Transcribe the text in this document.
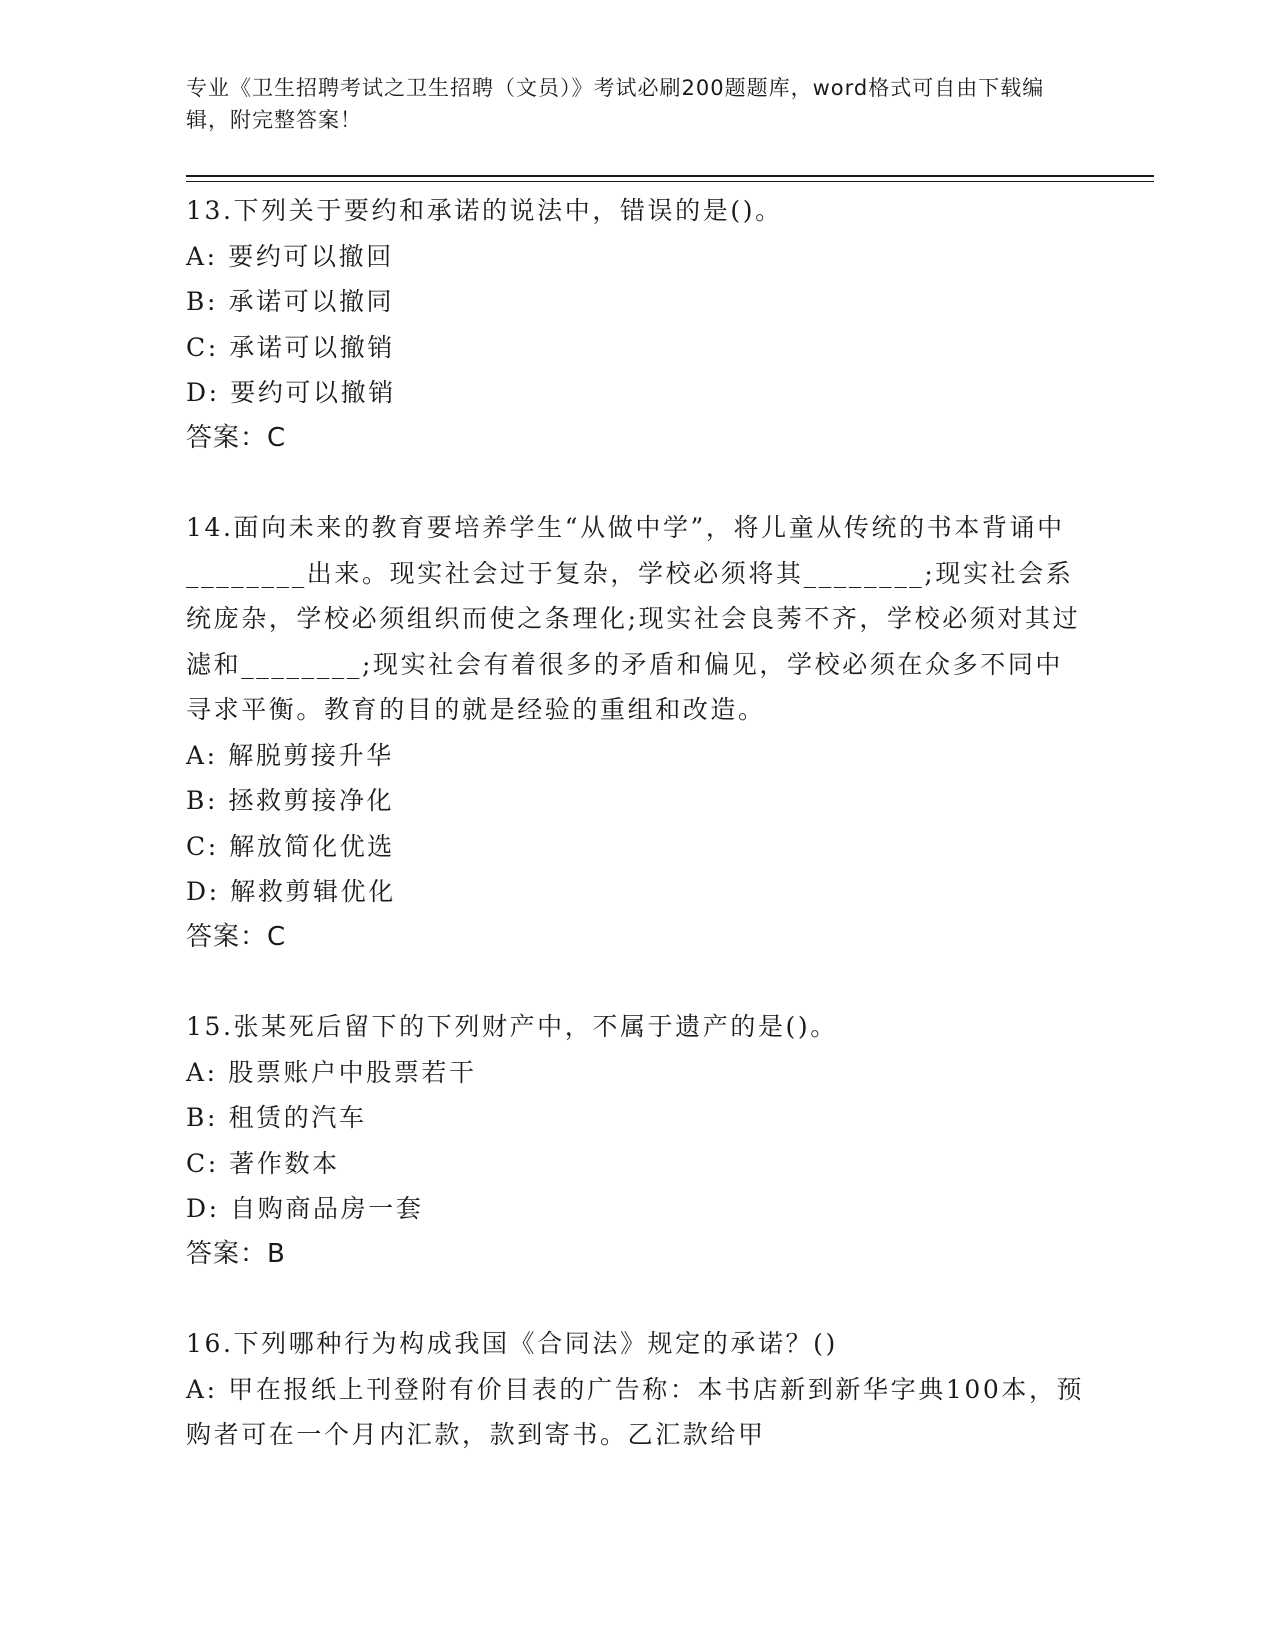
专业《卫生招聘考试之卫生招聘（文员）》考试必刷200题题库，word格式可自由下载编辑，附完整答案！

13.下列关于要约和承诺的说法中，错误的是()。

A: 要约可以撤回
B: 承诺可以撤同
C: 承诺可以撤销
D: 要约可以撤销
答案：C

14.面向未来的教育要培养学生“从做中学”，将儿童从传统的书本背诵中________出来。现实社会过于复杂，学校必须将其________;现实社会系统庞杂，学校必须组织而使之条理化;现实社会良莠不齐，学校必须对其过滤和________;现实社会有着很多的矛盾和偏见，学校必须在众多不同中寻求平衡。教育的目的就是经验的重组和改造。

A: 解脱剪接升华
B: 拯救剪接净化
C: 解放简化优选
D: 解救剪辑优化
答案：C

15.张某死后留下的下列财产中，不属于遗产的是()。

A: 股票账户中股票若干
B: 租赁的汽车
C: 著作数本
D: 自购商品房一套
答案：B

16.下列哪种行为构成我国《合同法》规定的承诺？()

A: 甲在报纸上刊登附有价目表的广告称：本书店新到新华字典100本，预购者可在一个月内汇款，款到寄书。乙汇款给甲
